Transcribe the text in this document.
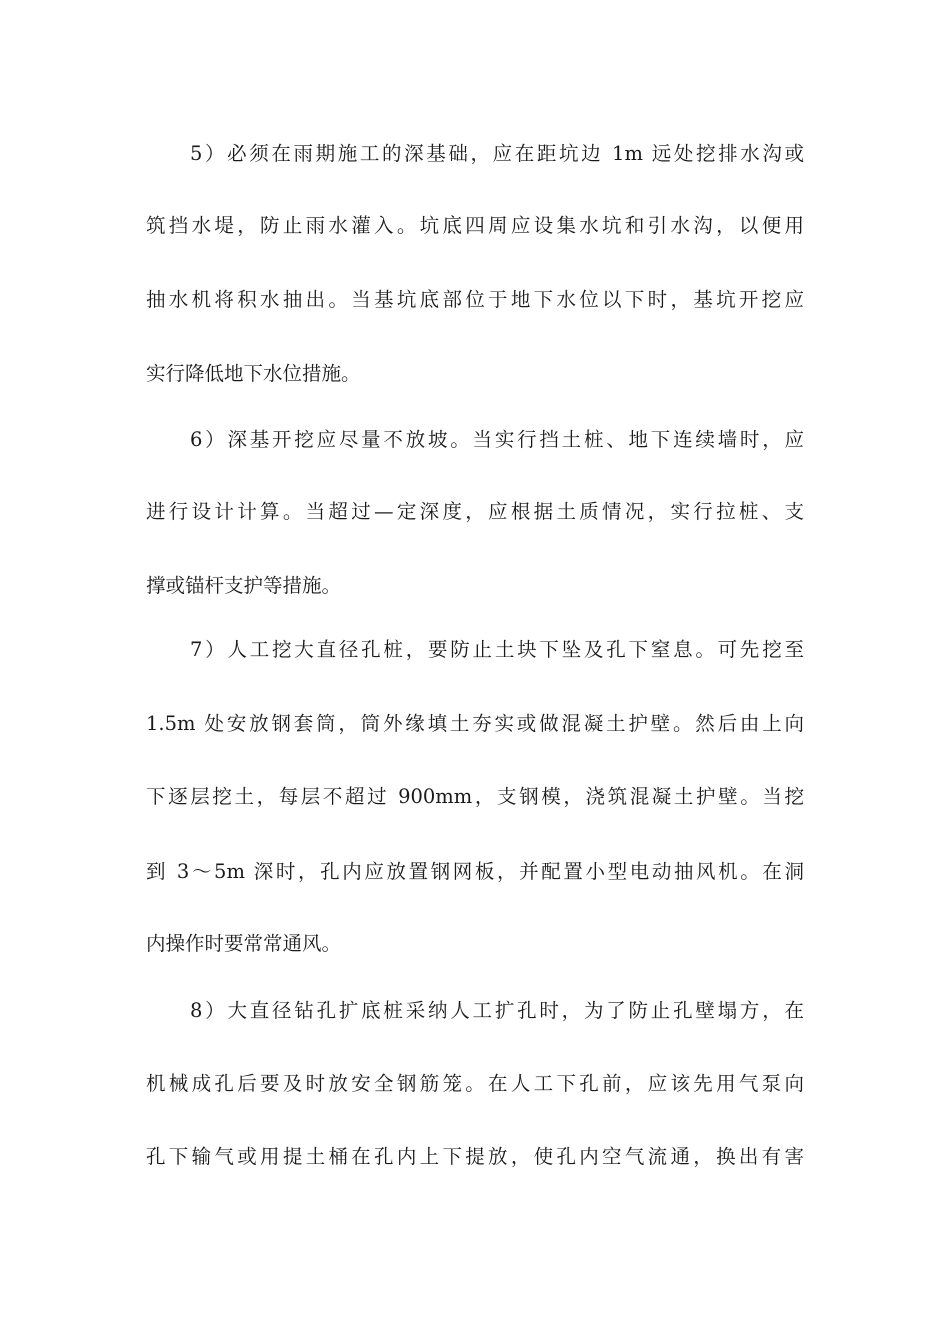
5）必须在雨期施工的深基础，应在距坑边 1m 远处挖排水沟或
筑挡水堤，防止雨水灌入。坑底四周应设集水坑和引水沟，以便用
抽水机将积水抽出。当基坑底部位于地下水位以下时，基坑开挖应
实行降低地下水位措施。
6）深基开挖应尽量不放坡。当实行挡土桩、地下连续墙时，应
进行设计计算。当超过—定深度，应根据土质情况，实行拉桩、支
撑或锚杆支护等措施。
7）人工挖大直径孔桩，要防止土块下坠及孔下窒息。可先挖至
1.5m 处安放钢套筒，筒外缘填土夯实或做混凝土护壁。然后由上向
下逐层挖土，每层不超过 900mm，支钢模，浇筑混凝土护壁。当挖
到 3～5m 深时，孔内应放置钢网板，并配置小型电动抽风机。在洞
内操作时要常常通风。
8）大直径钻孔扩底桩采纳人工扩孔时，为了防止孔壁塌方，在
机械成孔后要及时放安全钢筋笼。在人工下孔前，应该先用气泵向
孔下输气或用提土桶在孔内上下提放，使孔内空气流通，换出有害
